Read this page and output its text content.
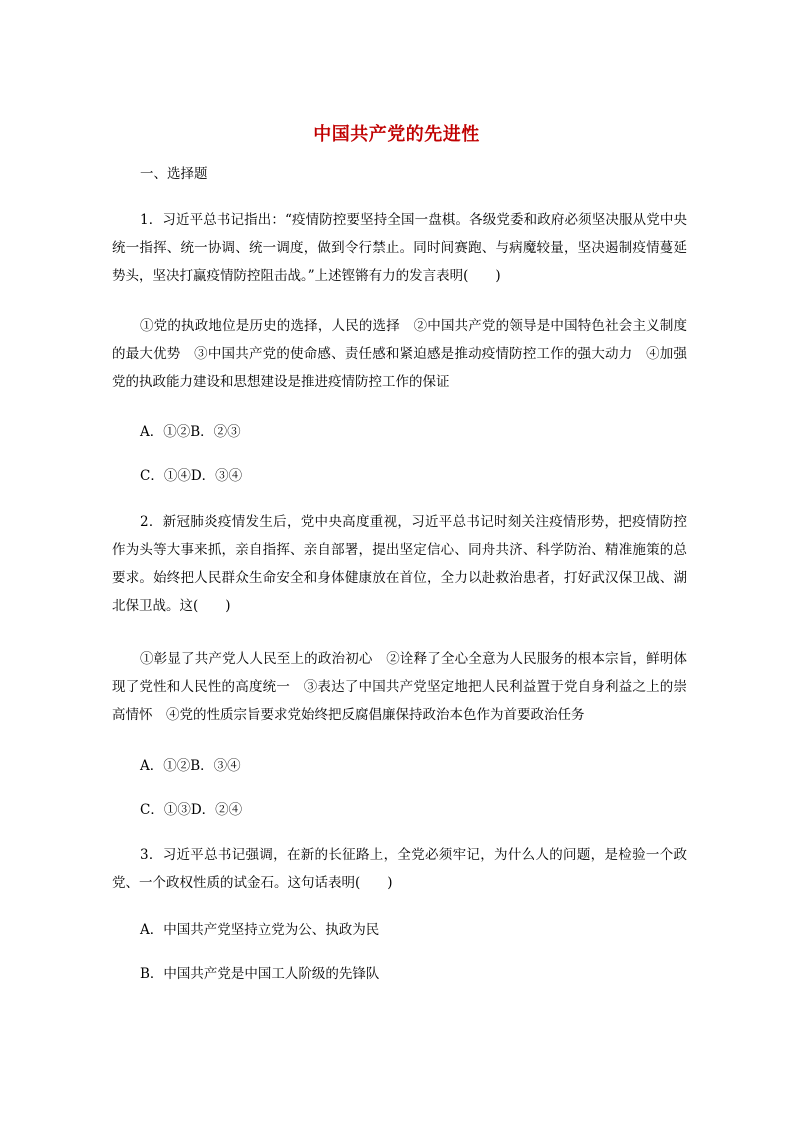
中国共产党的先进性
一、选择题

1．习近平总书记指出：“疫情防控要坚持全国一盘棋。各级党委和政府必须坚决服从党中央统一指挥、统一协调、统一调度，做到令行禁止。同时间赛跑、与病魔较量，坚决遏制疫情蔓延势头，坚决打赢疫情防控阻击战。”上述铿锵有力的发言表明(　　)

①党的执政地位是历史的选择，人民的选择　②中国共产党的领导是中国特色社会主义制度的最大优势　③中国共产党的使命感、责任感和紧迫感是推动疫情防控工作的强大动力　④加强党的执政能力建设和思想建设是推进疫情防控工作的保证

A．①②B．②③
C．①④D．③④

2．新冠肺炎疫情发生后，党中央高度重视，习近平总书记时刻关注疫情形势，把疫情防控作为头等大事来抓，亲自指挥、亲自部署，提出坚定信心、同舟共济、科学防治、精准施策的总要求。始终把人民群众生命安全和身体健康放在首位，全力以赴救治患者，打好武汉保卫战、湖北保卫战。这(　　)

①彰显了共产党人人民至上的政治初心　②诠释了全心全意为人民服务的根本宗旨，鲜明体现了党性和人民性的高度统一　③表达了中国共产党坚定地把人民利益置于党自身利益之上的崇高情怀　④党的性质宗旨要求党始终把反腐倡廉保持政治本色作为首要政治任务

A．①②B．③④
C．①③D．②④

3．习近平总书记强调，在新的长征路上，全党必须牢记，为什么人的问题，是检验一个政党、一个政权性质的试金石。这句话表明(　　)

A．中国共产党坚持立党为公、执政为民
B．中国共产党是中国工人阶级的先锋队
